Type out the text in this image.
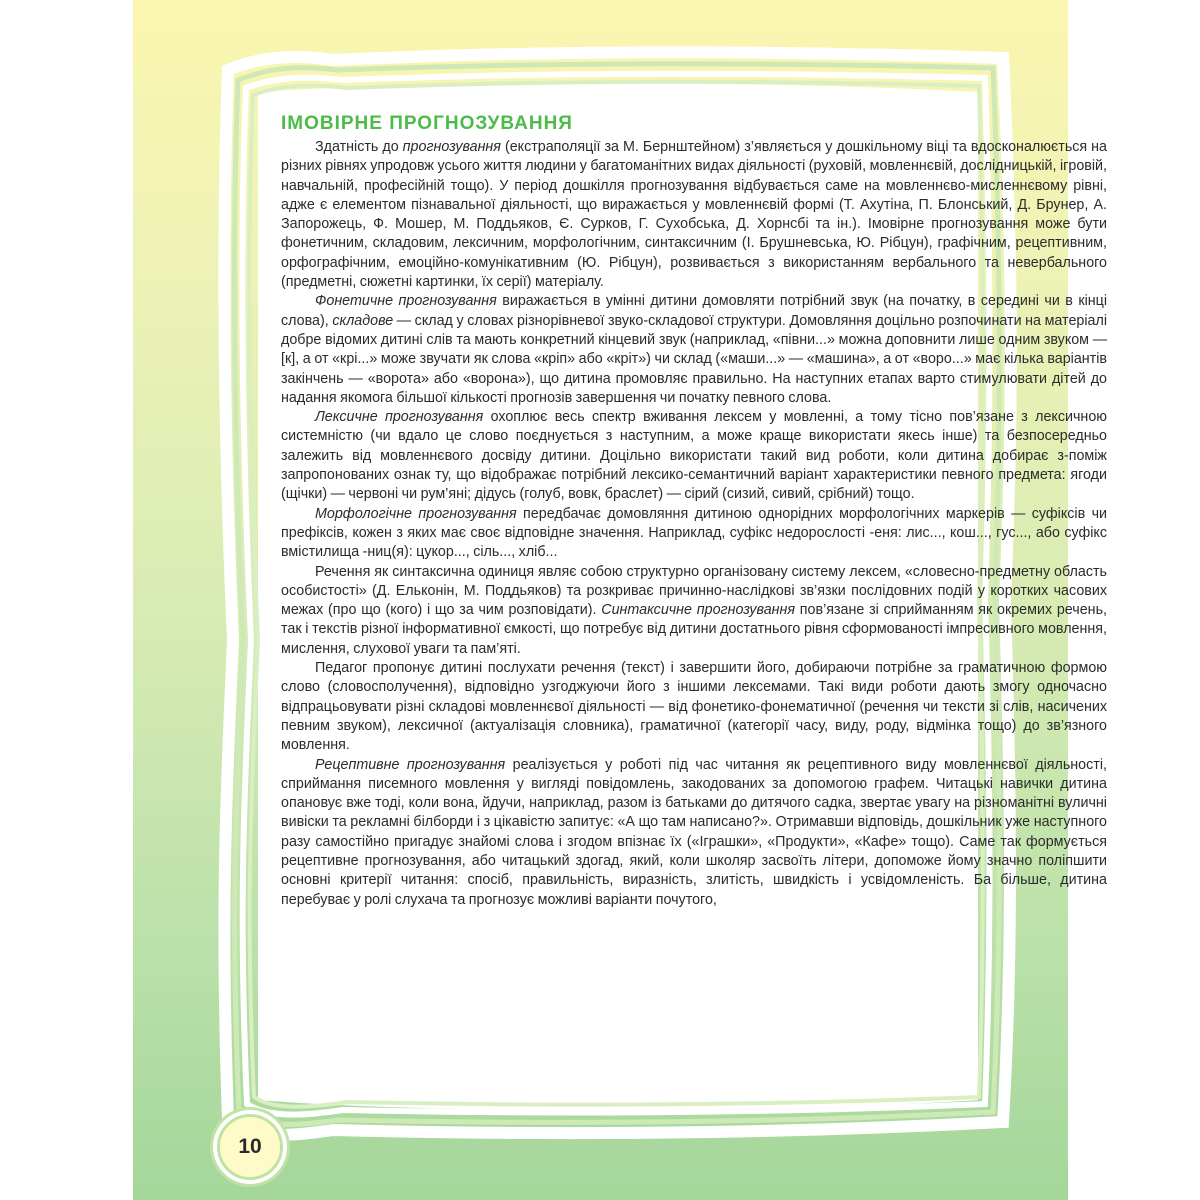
ІМОВІРНЕ ПРОГНОЗУВАННЯ

Здатність до прогнозування (екстраполяції за М. Бернштейном) з’являється у дошкільному віці та вдосконалюється на різних рівнях упродовж усього життя людини у багатоманітних видах діяльності (руховій, мовленнєвій, дослідницькій, ігровій, навчальній, професійній тощо). У період дошкілля прогнозування відбувається саме на мовленнєво-мисленнєвому рівні, адже є елементом пізнавальної діяльності, що виражається у мовленнєвій формі (Т. Ахутіна, П. Блонський, Д. Брунер, А. Запорожець, Ф. Мошер, М. Поддьяков, Є. Сурков, Г. Сухобська, Д. Хорнсбі та ін.). Імовірне прогнозування може бути фонетичним, складовим, лексичним, морфологічним, синтаксичним (І. Брушневська, Ю. Рібцун), графічним, рецептивним, орфографічним, емоційно-комунікативним (Ю. Рібцун), розвивається з використанням вербального та невербального (предметні, сюжетні картинки, їх серії) матеріалу.

Фонетичне прогнозування виражається в умінні дитини домовляти потрібний звук (на початку, в середині чи в кінці слова), складове — склад у словах різнорівневої звуко-складової структури. Домовляння доцільно розпочинати на матеріалі добре відомих дитині слів та мають конкретний кінцевий звук (наприклад, «півни...» можна доповнити лише одним звуком — [к], а от «крі...» може звучати як слова «кріп» або «кріт») чи склад («маши...» — «машина», а от «воро...» має кілька варіантів закінчень — «ворота» або «ворона»), що дитина промовляє правильно. На наступних етапах варто стимулювати дітей до надання якомога більшої кількості прогнозів завершення чи початку певного слова.

Лексичне прогнозування охоплює весь спектр вживання лексем у мовленні, а тому тісно пов’язане з лексичною системністю (чи вдало це слово поєднується з наступним, а може краще використати якесь інше) та безпосередньо залежить від мовленнєвого досвіду дитини. Доцільно використати такий вид роботи, коли дитина добирає з-поміж запропонованих ознак ту, що відображає потрібний лексико-семантичний варіант характеристики певного предмета: ягоди (щічки) — червоні чи рум’яні; дідусь (голуб, вовк, браслет) — сірий (сизий, сивий, срібний) тощо.

Морфологічне прогнозування передбачає домовляння дитиною однорідних морфологічних маркерів — суфіксів чи префіксів, кожен з яких має своє відповідне значення. Наприклад, суфікс недорослості -еня: лис..., кош..., гус..., або суфікс вмістилища -ниц(я): цукор..., сіль..., хліб...

Речення як синтаксична одиниця являє собою структурно організовану систему лексем, «словесно-предметну область особистості» (Д. Ельконін, М. Поддьяков) та розкриває причинно-наслідкові зв’язки послідовних подій у коротких часових межах (про що (кого) і що за чим розповідати). Синтаксичне прогнозування пов’язане зі сприйманням як окремих речень, так і текстів різної інформативної ємкості, що потребує від дитини достатнього рівня сформованості імпресивного мовлення, мислення, слухової уваги та пам’яті.

Педагог пропонує дитині послухати речення (текст) і завершити його, добираючи потрібне за граматичною формою слово (словосполучення), відповідно узгоджуючи його з іншими лексемами. Такі види роботи дають змогу одночасно відпрацьовувати різні складові мовленнєвої діяльності — від фонетико-фонематичної (речення чи тексти зі слів, насичених певним звуком), лексичної (актуалізація словника), граматичної (категорії часу, виду, роду, відмінка тощо) до зв’язного мовлення.

Рецептивне прогнозування реалізується у роботі під час читання як рецептивного виду мовленнєвої діяльності, сприймання писемного мовлення у вигляді повідомлень, закодованих за допомогою графем. Читацькі навички дитина опановує вже тоді, коли вона, йдучи, наприклад, разом із батьками до дитячого садка, звертає увагу на різноманітні вуличні вивіски та рекламні білборди і з цікавістю запитує: «А що там написано?». Отримавши відповідь, дошкільник уже наступного разу самостійно пригадує знайомі слова і згодом впізнає їх («Іграшки», «Продукти», «Кафе» тощо). Саме так формується рецептивне прогнозування, або читацький здогад, який, коли школяр засвоїть літери, допоможе йому значно поліпшити основні критерії читання: спосіб, правильність, виразність, злитість, швидкість і усвідомленість. Ба більше, дитина перебуває у ролі слухача та прогнозує можливі варіанти почутого,

10
